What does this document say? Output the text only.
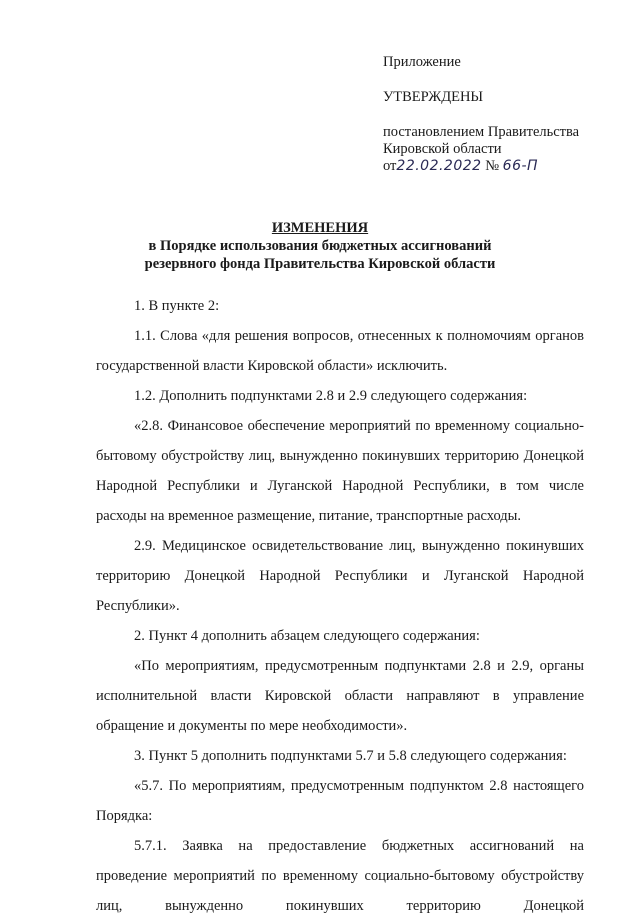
Приложение
УТВЕРЖДЕНЫ
постановлением Правительства
Кировской области
от22.02.2022 № 66-П
ИЗМЕНЕНИЯ
в Порядке использования бюджетных ассигнований
резервного фонда Правительства Кировской области

1. В пункте 2:

1.1. Слова «для решения вопросов, отнесенных к полномочиям органов государственной власти Кировской области» исключить.

1.2. Дополнить подпунктами 2.8 и 2.9 следующего содержания:

«2.8. Финансовое обеспечение мероприятий по временному социально-бытовому обустройству лиц, вынужденно покинувших территорию Донецкой Народной Республики и Луганской Народной Республики, в том числе расходы на временное размещение, питание, транспортные расходы.

2.9. Медицинское освидетельствование лиц, вынужденно покинувших территорию Донецкой Народной Республики и Луганской Народной Республики».

2. Пункт 4 дополнить абзацем следующего содержания:

«По мероприятиям, предусмотренным подпунктами 2.8 и 2.9, органы исполнительной власти Кировской области направляют в управление обращение и документы по мере необходимости».

3. Пункт 5 дополнить подпунктами 5.7 и 5.8 следующего содержания:

«5.7. По мероприятиям, предусмотренным подпунктом 2.8 настоящего Порядка:

5.7.1. Заявка на предоставление бюджетных ассигнований на проведение мероприятий по временному социально-бытовому обустройству лиц, вынужденно покинувших территорию Донецкой
